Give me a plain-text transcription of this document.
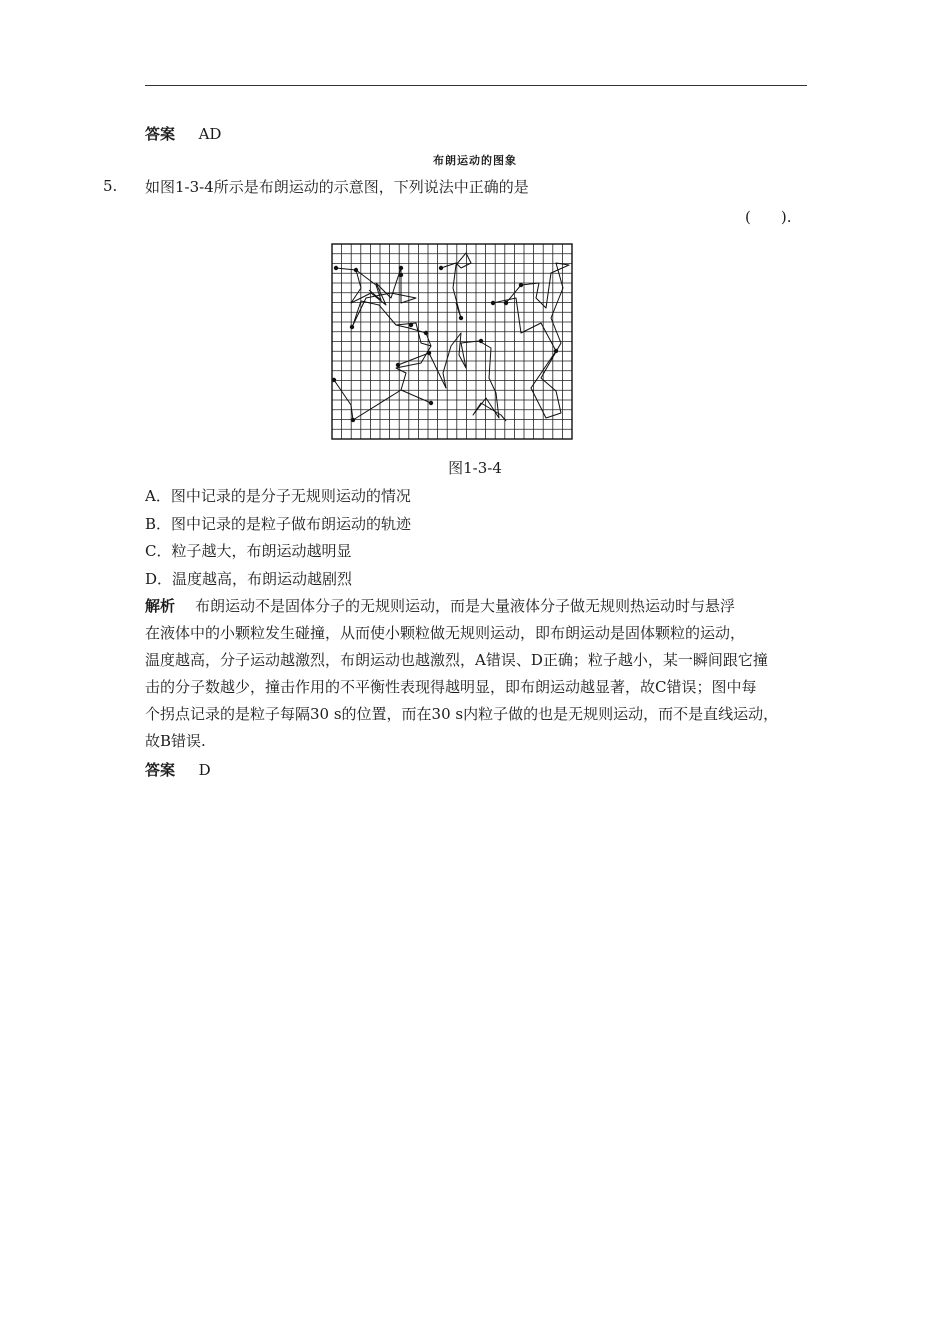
答案 AD
布朗运动的图象
5. 如图1-3-4所示是布朗运动的示意图，下列说法中正确的是
(　　).
图1-3-4
A．图中记录的是分子无规则运动的情况
B．图中记录的是粒子做布朗运动的轨迹
C．粒子越大，布朗运动越明显
D．温度越高，布朗运动越剧烈
解析 布朗运动不是固体分子的无规则运动，而是大量液体分子做无规则热运动时与悬浮
在液体中的小颗粒发生碰撞，从而使小颗粒做无规则运动，即布朗运动是固体颗粒的运动，
温度越高，分子运动越激烈，布朗运动也越激烈，A错误、D正确；粒子越小，某一瞬间跟它撞
击的分子数越少，撞击作用的不平衡性表现得越明显，即布朗运动越显著，故C错误；图中每
个拐点记录的是粒子每隔30 s的位置，而在30 s内粒子做的也是无规则运动，而不是直线运动，
故B错误.
答案 D
